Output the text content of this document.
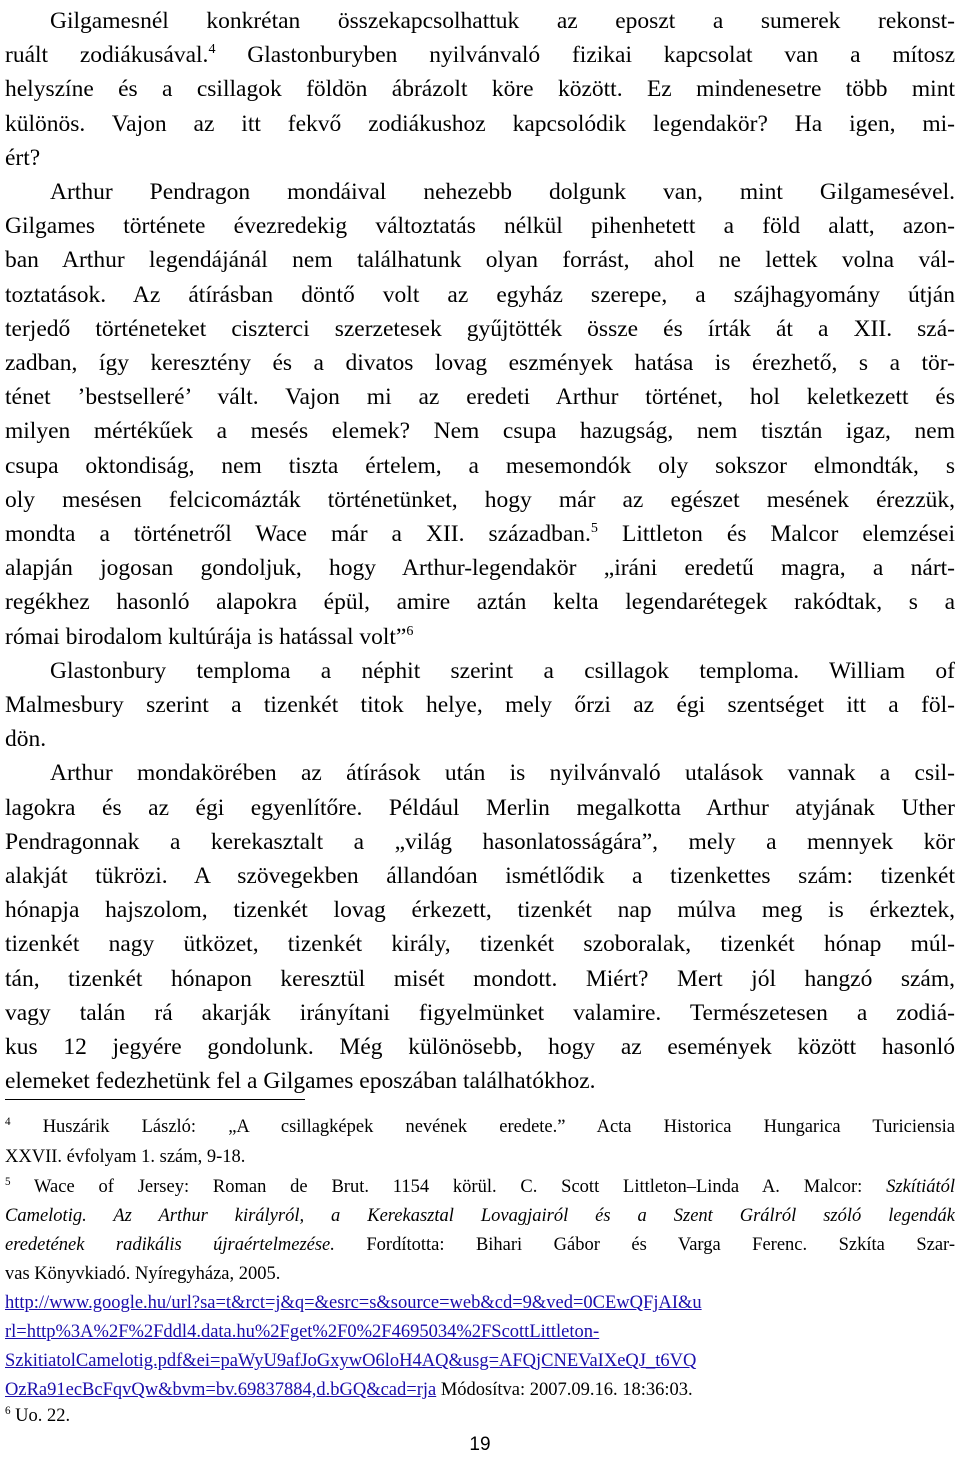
Gilgamesnél konkrétan összekapcsolhattuk az eposzt a sumerek rekonst-
ruált zodiákusával.$^4$ Glastonburyben nyilvánvaló fizikai kapcsolat van a mítosz
helyszíne és a csillagok földön ábrázolt köre között. Ez mindenesetre több mint
különös. Vajon az itt fekvő zodiákushoz kapcsolódik legendakör? Ha igen, mi-
ért?
Arthur Pendragon mondáival nehezebb dolgunk van, mint Gilgamesével.
Gilgames története évezredekig változtatás nélkül pihenhetett a föld alatt, azon-
ban Arthur legendájánál nem találhatunk olyan forrást, ahol ne lettek volna vál-
toztatások. Az átírásban döntő volt az egyház szerepe, a szájhagyomány útján
terjedő történeteket ciszterci szerzetesek gyűjtötték össze és írták át a XII. szá-
zadban, így keresztény és a divatos lovag eszmények hatása is érezhető, s a tör-
ténet ’bestselleré’ vált. Vajon mi az eredeti Arthur történet, hol keletkezett és
milyen mértékűek a mesés elemek? Nem csupa hazugság, nem tisztán igaz, nem
csupa oktondiság, nem tiszta értelem, a mesemondók oly sokszor elmondták, s
oly mesésen felcicomázták történetünket, hogy már az egészet mesének érezzük,
mondta a történetről Wace már a XII. században.$^5$ Littleton és Malcor elemzései
alapján jogosan gondoljuk, hogy Arthur-legendakör „iráni eredetű magra, a nárt-
regékhez hasonló alapokra épül, amire aztán kelta legendarétegek rakódtak, s a
római birodalom kultúrája is hatással volt”$^6$
Glastonbury temploma a néphit szerint a csillagok temploma. William of
Malmesbury szerint a tizenkét titok helye, mely őrzi az égi szentséget itt a föl-
dön.
Arthur mondakörében az átírások után is nyilvánvaló utalások vannak a csil-
lagokra és az égi egyenlítőre. Például Merlin megalkotta Arthur atyjának Uther
Pendragonnak a kerekasztalt a „világ hasonlatosságára”, mely a mennyek kör
alakját tükrözi. A szövegekben állandóan ismétlődik a tizenkettes szám: tizenkét
hónapja hajszolom, tizenkét lovag érkezett, tizenkét nap múlva meg is érkeztek,
tizenkét nagy ütközet, tizenkét király, tizenkét szoboralak, tizenkét hónap múl-
tán, tizenkét hónapon keresztül misét mondott. Miért? Mert jól hangzó szám,
vagy talán rá akarják irányítani figyelmünket valamire. Természetesen a zodiá-
kus 12 jegyére gondolunk. Még különösebb, hogy az események között hasonló
elemeket fedezhetünk fel a Gilgames eposzában találhatókhoz.
$^4$ Huszárik László: „A csillagképek nevének eredete.” Acta Historica Hungarica Turiciensia
XXVII. évfolyam 1. szám, 9-18.
$^5$ Wace of Jersey: Roman de Brut. 1154 körül. C. Scott Littleton–Linda A. Malcor: Szkítiától
Camelotig. Az Arthur királyról, a Kerekasztal Lovagjairól és a Szent Grálról szóló legendák
eredetének radikális újraértelmezése. Fordította: Bihari Gábor és Varga Ferenc. Szkíta Szar-
vas Könyvkiadó. Nyíregyháza, 2005.
http://www.google.hu/url?sa=t&rct=j&q=&esrc=s&source=web&cd=9&ved=0CEwQFjAI&u
rl=http%3A%2F%2Fddl4.data.hu%2Fget%2F0%2F4695034%2FScottLittleton-
SzkitiatolCamelotig.pdf&ei=paWyU9afJoGxywO6loH4AQ&usg=AFQjCNEVaIXeQJ_t6VQ
OzRa91ecBcFqvQw&bvm=bv.69837884,d.bGQ&cad=rja Módosítva: 2007.09.16. 18:36:03.
$^6$ Uo. 22.
19
